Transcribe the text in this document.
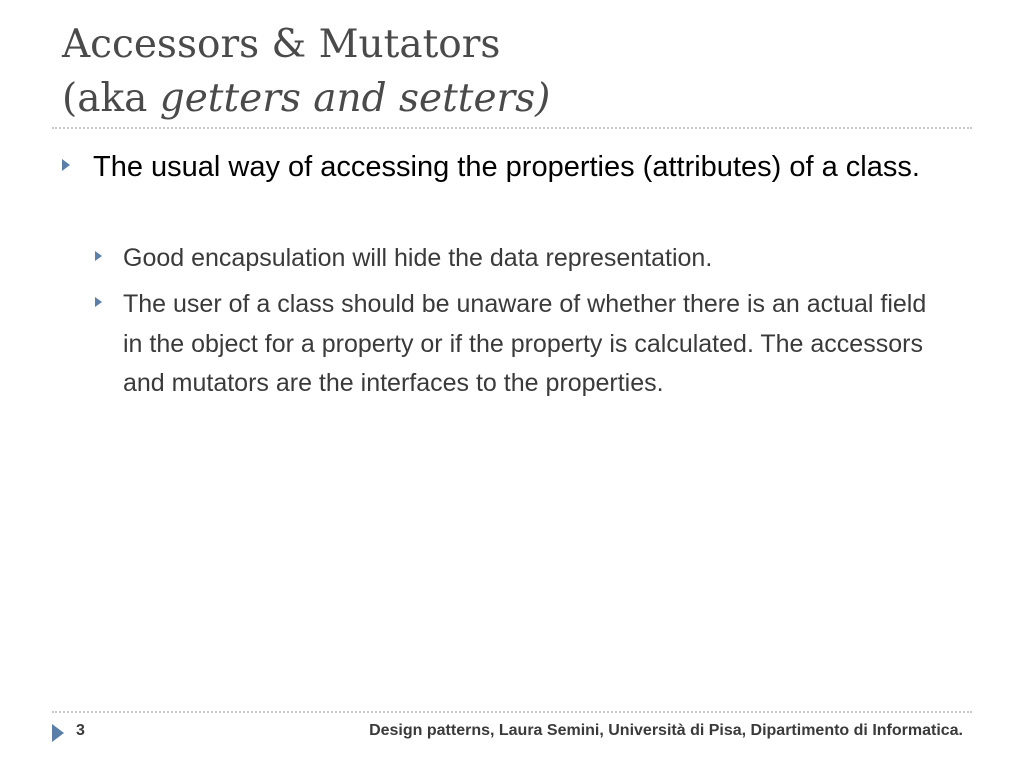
Accessors & Mutators
(aka getters and setters)
The usual way of accessing the properties (attributes) of a class.
Good encapsulation will hide the data representation.
The user of a class should be unaware of whether there is an actual field in the object for a property or if the property is calculated. The accessors and mutators are the interfaces to the properties.
3	Design patterns, Laura Semini, Università di Pisa, Dipartimento di Informatica.
